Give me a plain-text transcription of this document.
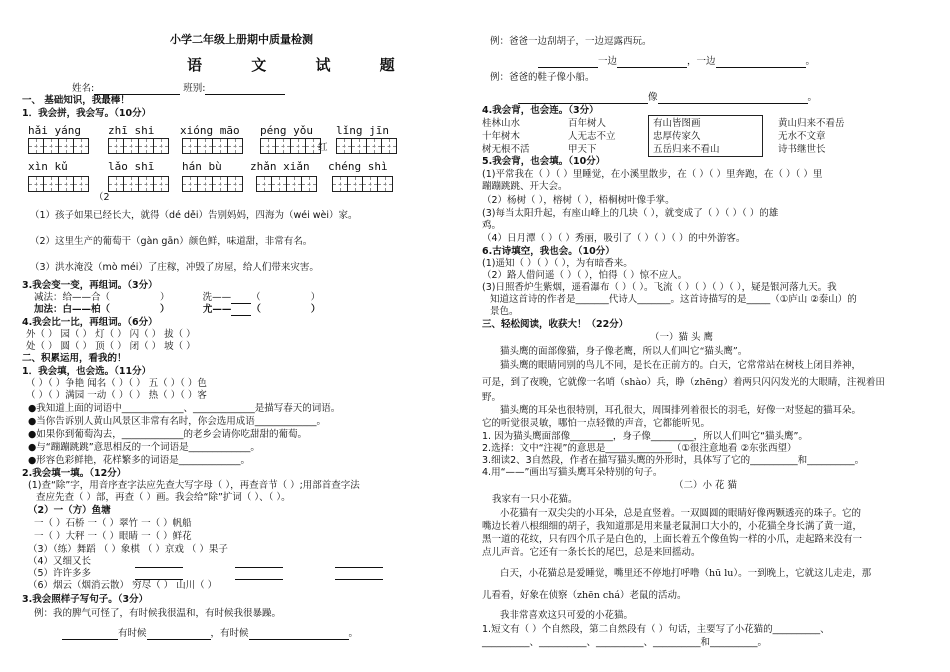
小学二年级上册期中质量检测
语 文 试 题
姓名:	班别:
一、 基础知识，我最棒！
1．我会拼，我会写。（10分）
hǎi yáng zhī shi xióng māo péng yǒu lǐng jīn
红
xìn kǔ	lǎo shī	hán bù	zhǎn xiǎn chéng shì
（2
（1）孩子如果已经长大，就得（dé děi）告别妈妈，四海为（wéi wèi）家。
（2）这里生产的葡萄干（gàn gān）颜色鲜，味道甜，非常有名。
（3）洪水淹没（mò méi）了庄稼，冲毁了房屋，给人们带来灾害。
3.我会变一变，再组词。（3分）
减法：给——合（	）	洗—— （	）
加法：白——柏（	）	尤—— （	）
4.我会比一比，再组词。（6分）
外（ ） 园（ ） 灯（ ） 闪（ ） 拔（ ）
处（ ） 圆（ ） 顶（ ） 闭（ ） 坡（ ）
二、积累运用，看我的！
1．我会填，也会选。（11分）
（ ）（ ）争艳 闻名（ ）（ ） 五（ ）（ ）色
（ ）（ ）满园 一动（ ）（ ） 热（ ）（ ）客
●我知道上面的词语中_____________、_____________是描写春天的词语。
●当你告诉别人黄山风景区非常有名时，你会选用成语_____________。
●如果你到葡萄沟去，_____________的老乡会请你吃甜甜的葡萄。
●与“蹦蹦跳跳”意思相反的一个词语是_____________。
●形容色彩鲜艳，花样繁多的词语是_____________。
2.我会填一填。（12分）
(1)查“除”字，用音序查字法应先查大写字母（ ），再查音节（ ）;用部首查字法
查应先查（ ）部，再查（ ）画。我会给“除”扩词（ ）、（ ）。
（2）一（方）鱼塘
一（ ）石桥 一（ ）翠竹 一（ ）帆船
一（ ）大秤 一（ ）眼睛 一（ ）鲜花
（3）（练）舞蹈 （ ）象棋 （ ）京戏 （ ）果子
（4）又细又长
（5）许许多多
（6）烟云（烟消云散） 穷尽（ ） 山川（ ）
3.我会照样子写句子。（3分）
例：我的脾气可怪了，有时候我很温和，有时候我很暴躁。
有时候	，有时候	。
例：爸爸一边刮胡子，一边逗露西玩。
一边	，一边	。
例：爸爸的鞋子像小船。
像	。
4.我会背，也会连。（3分）
桂林山水
十年树木
树无根不活
百年树人
人无志不立
甲天下
有山皆图画
忠厚传家久
五岳归来不看山
黄山归来不看岳
无水不文章
诗书继世长
5.我会背，也会填。（10分）
(1)平常我在（ ）（ ）里睡觉，在小溪里散步，在（ ）（ ）里奔跑，在（ ）（ ）里
蹦蹦跳跳、开大会。
（2）杨树（ ），榕树（ ），梧桐树叶像手掌。
(3)每当太阳升起，有座山峰上的几块（ ），就变成了（ ）（ ）（ ）的雄
鸡。
（4）日月潭（ ）（ ）秀丽，吸引了（ ）（ ）（ ）的中外游客。
6.古诗填空，我也会。（10分）
(1)遥知（ ）（ ）（ ），为有暗香来。
（2）路人借问遥（ ）（ ），怕得（ ）惊不应人。
(3)日照香炉生紫烟，遥看瀑布（ ）（ ）。飞流（ ）（ ）（ ）（ ），疑是银河落九天。我
知道这首诗的作者是_______代诗人_______。这首诗描写的是_____（①庐山 ②泰山）的
景色。
三、轻松阅读，收获大！（22分）
（一）猫 头 鹰
猫头鹰的面部像猫，身子像老鹰，所以人们叫它“猫头鹰”。
猫头鹰的眼睛同别的鸟儿不同，是长在正前方的。白天，它常常站在树枝上闭目养神，
可是，到了夜晚，它就像一名哨（shào）兵，睁（zhēng）着两只闪闪发光的大眼睛，注视着田
野。
猫头鹰的耳朵也很特别，耳孔很大，周围排列着很长的羽毛，好像一对竖起的猫耳朵。
它的听觉很灵敏，哪怕一点轻微的声音，它都能听见。
1. 因为猫头鹰面部像_________，身子像_________，所以人们叫它“猫头鹰”。
2.选择：文中“注视”的意思是______________（①很注意地看 ②东张西望）
3.细读2、3自然段，作者在描写猫头鹰的外形时，具体写了它的__________和__________。
4.用“——”画出写猫头鹰耳朵特别的句子。
（二）小 花 猫
我家有一只小花猫。
小花猫有一双尖尖的小耳朵，总是直竖着。一双圆圆的眼睛好像两颗透亮的珠子。它的
嘴边长着八根细细的胡子，我知道那是用来量老鼠洞口大小的，小花猫全身长满了黄一道，
黑一道的花纹，只有四个爪子是白色的，上面长着五个像鱼钩一样的小爪，走起路来没有一
点儿声音。它还有一条长长的尾巴，总是来回摇动。
白天，小花猫总是爱睡觉，嘴里还不停地打呼噜（hū lu）。一到晚上，它就这儿走走，那
儿看看，好象在侦察（zhēn chá）老鼠的活动。
我非常喜欢这只可爱的小花猫。
1.短文有（ ）个自然段，第二自然段有（ ）句话，主要写了小花猫的__________、
__________、__________、__________、__________和__________。
